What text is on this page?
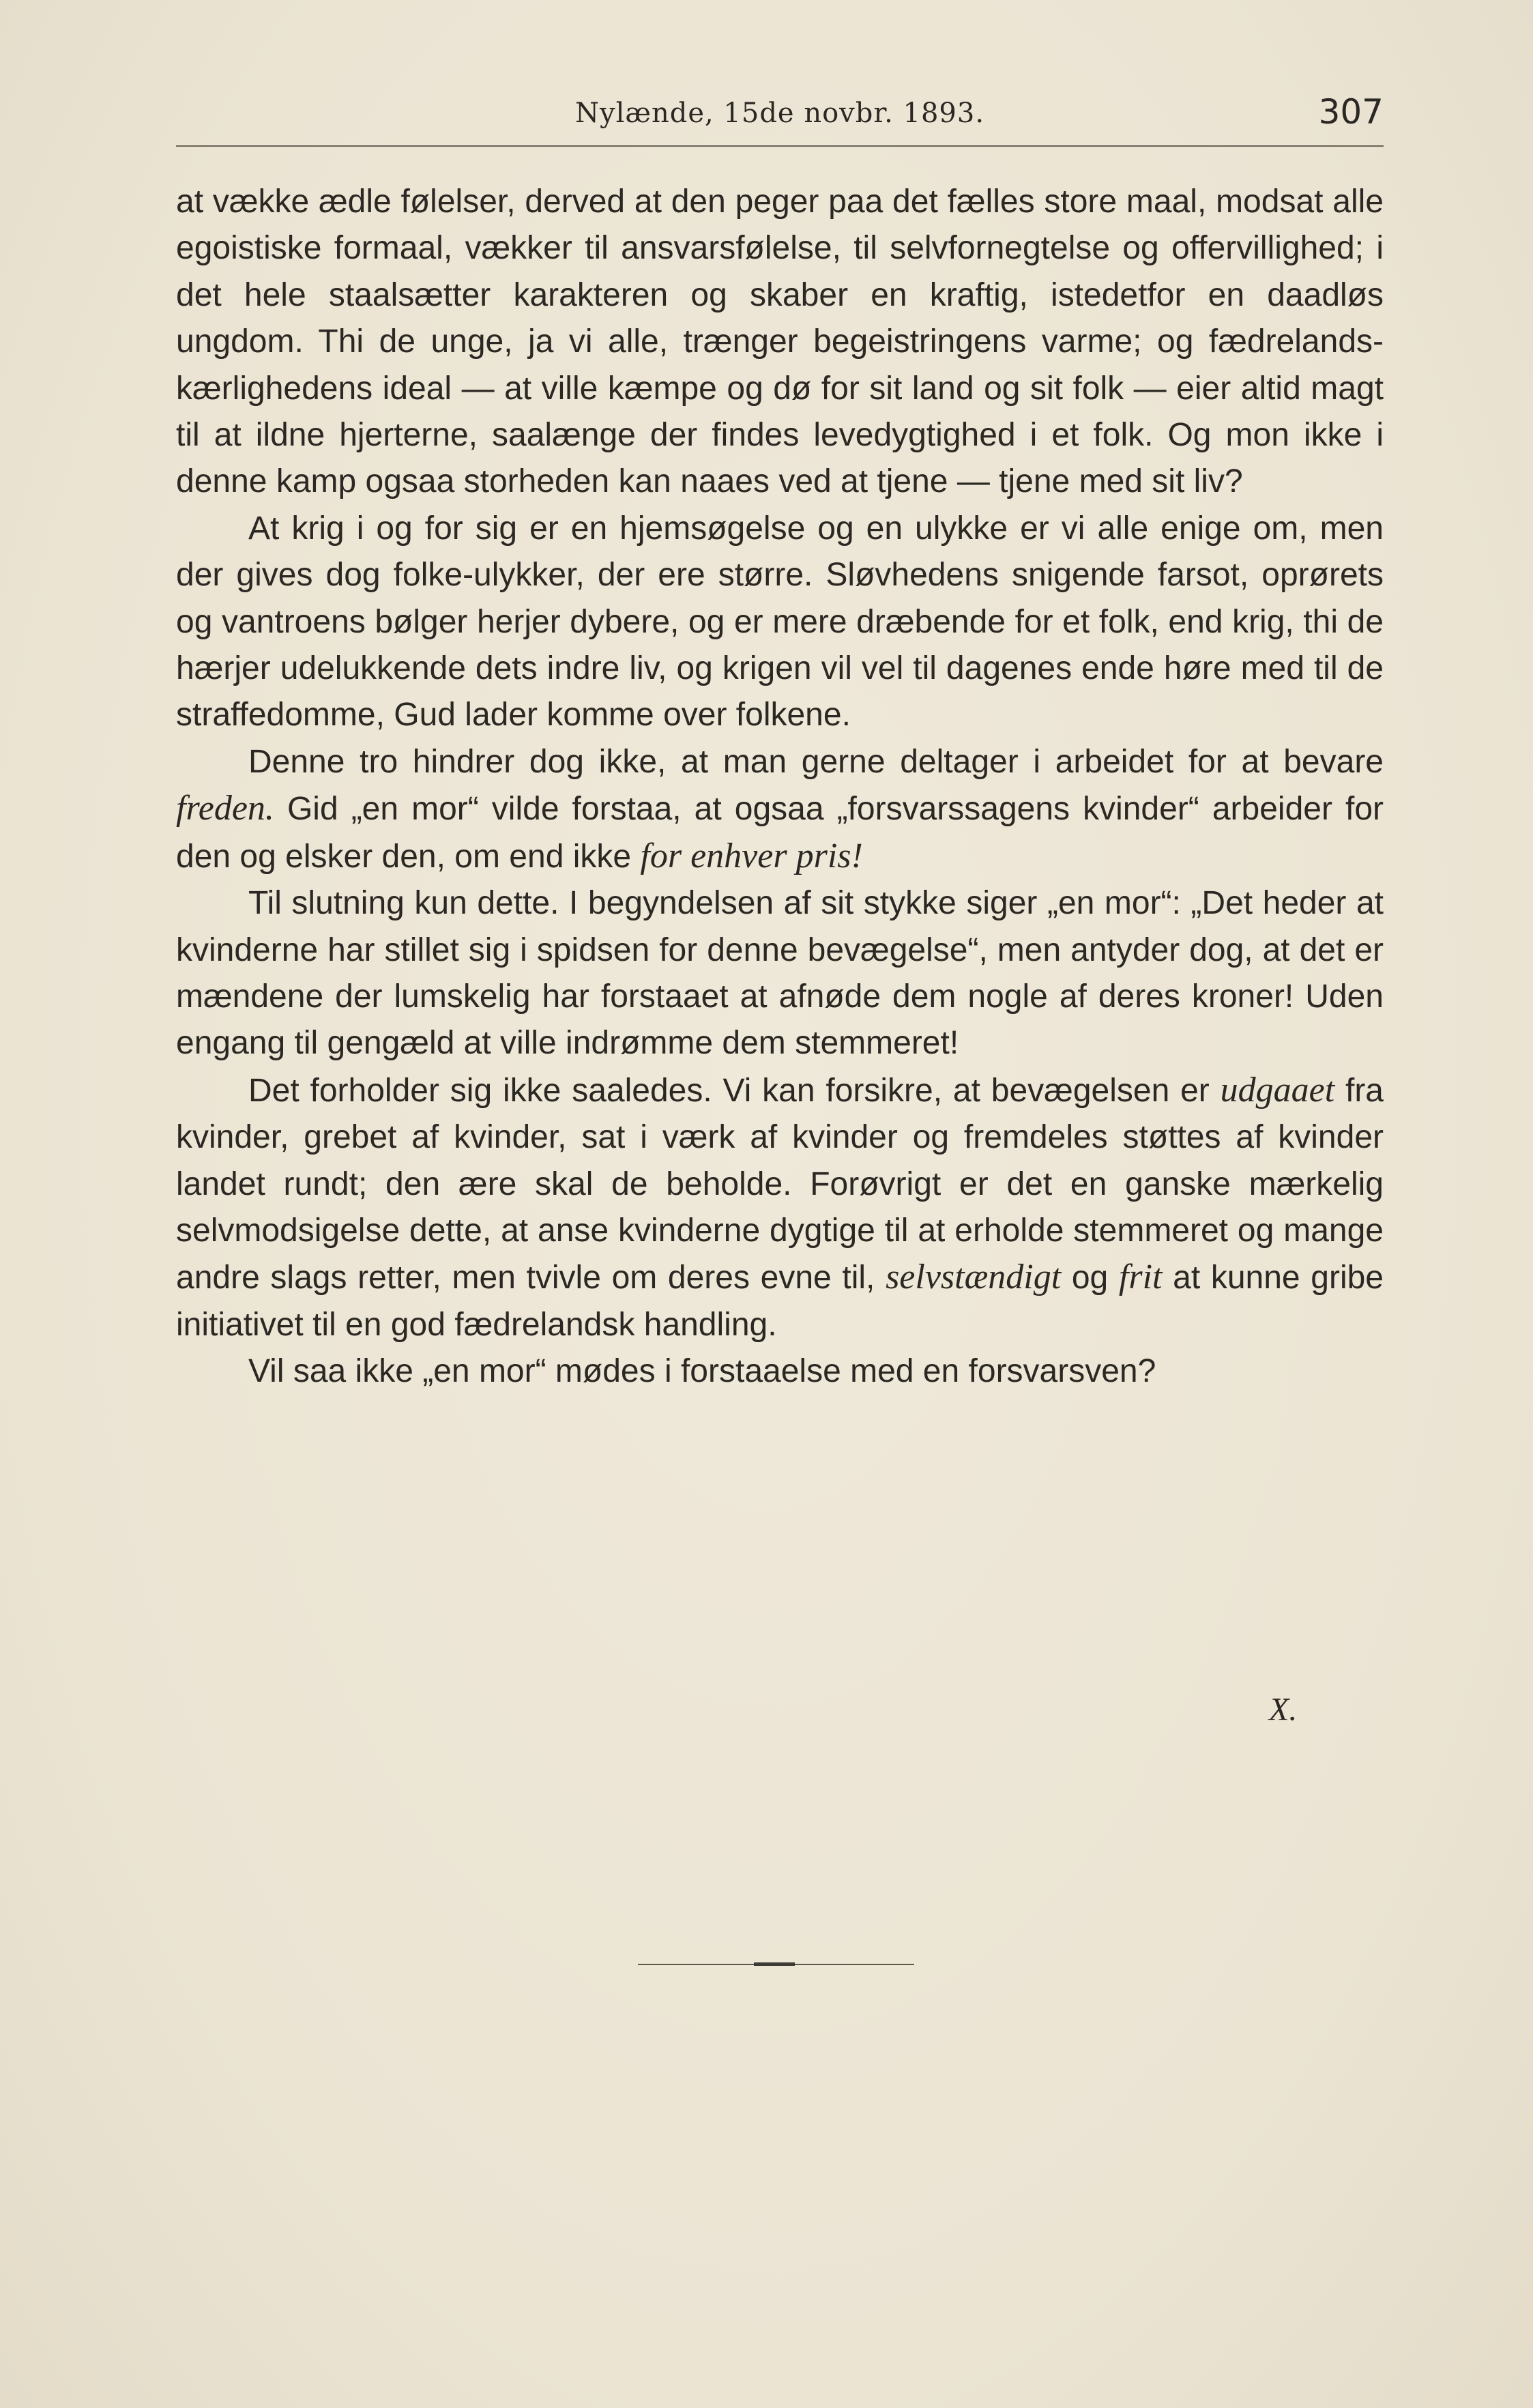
Nylænde, 15de novbr. 1893.	307

at vække ædle følelser, derved at den peger paa det fælles store maal, modsat alle egoistiske formaal, vækker til ansvarsfølelse, til selvfornegtelse og offervillighed; i det hele staalsætter karakteren og skaber en kraftig, istedetfor en daadløs ungdom. Thi de unge, ja vi alle, trænger begeistringens varme; og fædrelands-kærlighedens ideal — at ville kæmpe og dø for sit land og sit folk — eier altid magt til at ildne hjerterne, saalænge der findes levedygtighed i et folk. Og mon ikke i denne kamp ogsaa storheden kan naaes ved at tjene — tjene med sit liv?

At krig i og for sig er en hjemsøgelse og en ulykke er vi alle enige om, men der gives dog folke-ulykker, der ere større. Sløvhedens snigende farsot, oprørets og vantroens bølger herjer dybere, og er mere dræbende for et folk, end krig, thi de hærjer udelukkende dets indre liv, og krigen vil vel til dagenes ende høre med til de straffedomme, Gud lader komme over folkene.

Denne tro hindrer dog ikke, at man gerne deltager i arbeidet for at bevare freden. Gid „en mor“ vilde forstaa, at ogsaa „forsvarssagens kvinder“ arbeider for den og elsker den, om end ikke for enhver pris!

Til slutning kun dette. I begyndelsen af sit stykke siger „en mor“: „Det heder at kvinderne har stillet sig i spidsen for denne bevægelse“, men antyder dog, at det er mændene der lumskelig har forstaaet at afnøde dem nogle af deres kroner! Uden engang til gengæld at ville indrømme dem stemmeret!

Det forholder sig ikke saaledes. Vi kan forsikre, at bevægelsen er udgaaet fra kvinder, grebet af kvinder, sat i værk af kvinder og fremdeles støttes af kvinder landet rundt; den ære skal de beholde. Forøvrigt er det en ganske mærkelig selvmodsigelse dette, at anse kvinderne dygtige til at erholde stemmeret og mange andre slags retter, men tvivle om deres evne til, selvstændigt og frit at kunne gribe initiativet til en god fædrelandsk handling.

Vil saa ikke „en mor“ mødes i forstaaelse med en forsvarsven?

X.
